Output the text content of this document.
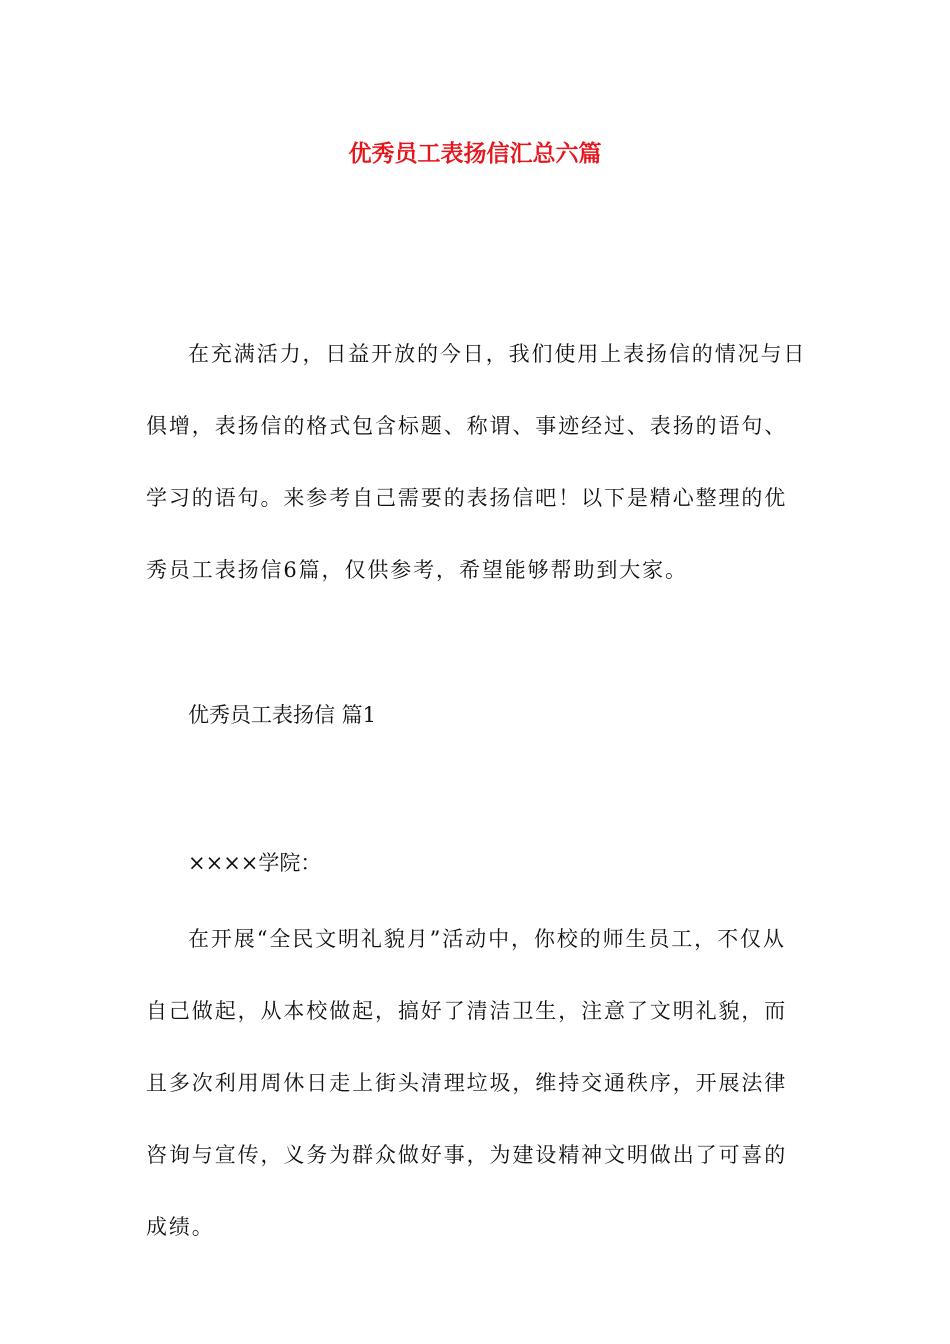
优秀员工表扬信汇总六篇

在充满活力，日益开放的今日，我们使用上表扬信的情况与日俱增，表扬信的格式包含标题、称谓、事迹经过、表扬的语句、学习的语句。来参考自己需要的表扬信吧！以下是精心整理的优秀员工表扬信6篇，仅供参考，希望能够帮助到大家。

优秀员工表扬信 篇1

××××学院：

在开展“全民文明礼貌月”活动中，你校的师生员工，不仅从自己做起，从本校做起，搞好了清洁卫生，注意了文明礼貌，而且多次利用周休日走上街头清理垃圾，维持交通秩序，开展法律咨询与宣传，义务为群众做好事，为建设精神文明做出了可喜的成绩。
